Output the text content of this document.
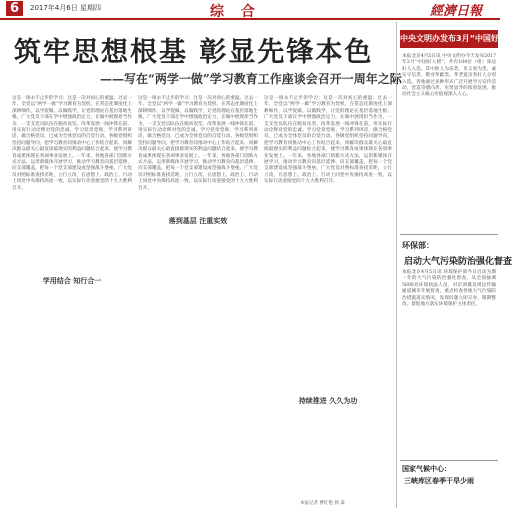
6	2017年4月6日 星期四	综 合	經濟日報
筑牢思想根基 彰显先锋本色
——写在“两学一做”学习教育工作座谈会召开一周年之际

这是一项永不止步的学习；这是一次对初心的重温。过去一年，全党以“两学一做”学习教育为契机，在常态化制度化上深耕细作，以学促做、以做践学，让党的理论在基层落地生根。广大党员干部在学中增强政治定力，在做中展现担当作为，一支支党员队伍在脱贫攻坚、改革发展一线冲锋在前，用实际行动诠释对党的忠诚。学习党章党规、学习系列讲话，做合格党员，已成为全体党员的自觉行动。各级党组织坚持问题导向，把学习教育同推动中心工作结合起来，同解决群众最关心最直接最现实的利益问题结合起来，使学习教育成果体现在各项事业发展上。一年来，各地各部门创新方式方法，运用新媒体开展学习，推动学习教育向基层延伸、向支部覆盖，把每一个党支部建设成坚强战斗堡垒。广大党员对照标准查找差距，立行立改，在思想上、政治上、行动上同党中央保持高度一致，以实际行动迎接党的十九大胜利召开。

这是一项永不止步的学习；这是一次对初心的重温。过去一年，全党以“两学一做”学习教育为契机，在常态化制度化上深耕细作，以学促做、以做践学，让党的理论在基层落地生根。广大党员干部在学中增强政治定力，在做中展现担当作为，一支支党员队伍在脱贫攻坚、改革发展一线冲锋在前，用实际行动诠释对党的忠诚。学习党章党规、学习系列讲话，做合格党员，已成为全体党员的自觉行动。各级党组织坚持问题导向，把学习教育同推动中心工作结合起来，同解决群众最关心最直接最现实的利益问题结合起来，使学习教育成果体现在各项事业发展上。一年来，各地各部门创新方式方法，运用新媒体开展学习，推动学习教育向基层延伸、向支部覆盖，把每一个党支部建设成坚强战斗堡垒。广大党员对照标准查找差距，立行立改，在思想上、政治上、行动上同党中央保持高度一致，以实际行动迎接党的十九大胜利召开。

这是一项永不止步的学习；这是一次对初心的重温。过去一年，全党以“两学一做”学习教育为契机，在常态化制度化上深耕细作，以学促做、以做践学，让党的理论在基层落地生根。广大党员干部在学中增强政治定力，在做中展现担当作为，一支支党员队伍在脱贫攻坚、改革发展一线冲锋在前，用实际行动诠释对党的忠诚。学习党章党规、学习系列讲话，做合格党员，已成为全体党员的自觉行动。各级党组织坚持问题导向，把学习教育同推动中心工作结合起来，同解决群众最关心最直接最现实的利益问题结合起来，使学习教育成果体现在各项事业发展上。一年来，各地各部门创新方式方法，运用新媒体开展学习，推动学习教育向基层延伸、向支部覆盖，把每一个党支部建设成坚强战斗堡垒。广大党员对照标准查找差距，立行立改，在思想上、政治上、行动上同党中央保持高度一致，以实际行动迎接党的十九大胜利召开。

学用结合 知行合一
落到基层 注重实效
持续推进 久久为功
本报记者 曹红艳 韩 霁
中央文明办发布3月“中国好人榜”

本报北京4月5日讯 中央文明办今天发布2017年3月“中国好人榜”，共有104位（组）身边好人入选。其中助人为乐类、见义勇为类、诚实守信类、敬业奉献类、孝老爱亲类好人分别入选。各地通过多种形式广泛开展学习宣传活动，营造崇德向善、见贤思齐的浓厚氛围，推动社会主义核心价值观深入人心。

环保部：
启动大气污染防治强化督查

本报北京4月5日讯 环境保护部今日启动为期一年的大气污染防治强化督查，从全国抽调5600名环境执法人员，对京津冀及周边传输通道城市开展督查，重点检查各地大气污染防治措施落实情况，发现问题立即交办、限期整改，督促地方落实环境保护主体责任。

国家气候中心：
三峡库区春季干旱少雨
